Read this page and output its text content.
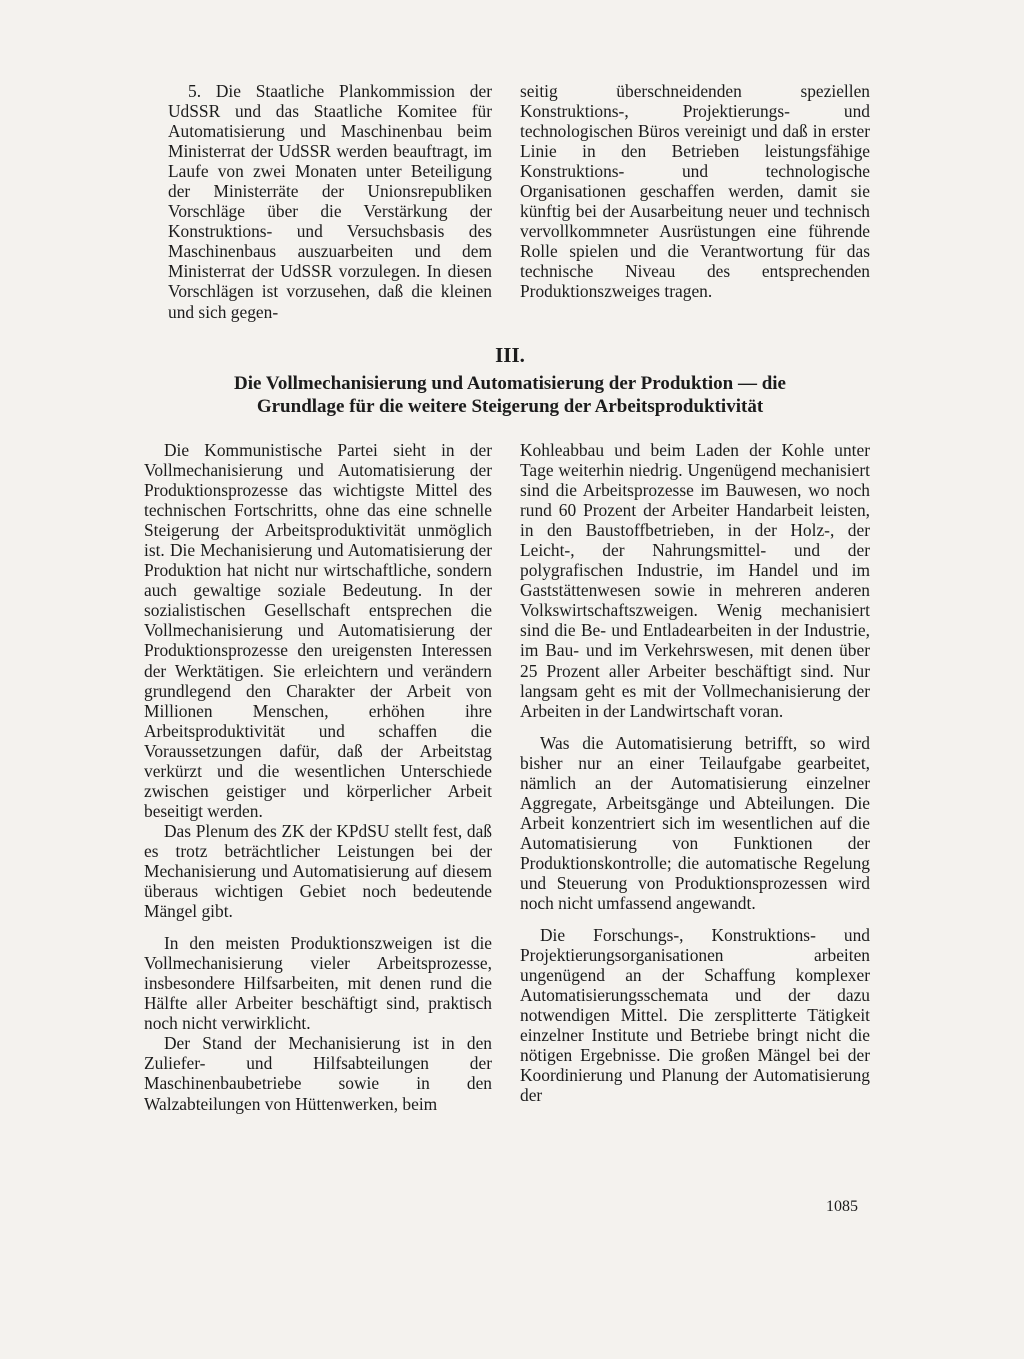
5. Die Staatliche Plankommission der UdSSR und das Staatliche Komitee für Automatisierung und Maschinenbau beim Ministerrat der UdSSR werden beauftragt, im Laufe von zwei Monaten unter Beteiligung der Ministerräte der Unionsrepubliken Vorschläge über die Verstärkung der Konstruktions- und Versuchsbasis des Maschinenbaus auszuarbeiten und dem Ministerrat der UdSSR vorzulegen. In diesen Vorschlägen ist vorzusehen, daß die kleinen und sich gegen-

seitig überschneidenden speziellen Konstruktions-, Projektierungs- und technologischen Büros vereinigt und daß in erster Linie in den Betrieben leistungsfähige Konstruktions- und technologische Organisationen geschaffen werden, damit sie künftig bei der Ausarbeitung neuer und technisch vervollkommneter Ausrüstungen eine führende Rolle spielen und die Verantwortung für das technische Niveau des entsprechenden Produktionszweiges tragen.

III.
Die Vollmechanisierung und Automatisierung der Produktion — die
Grundlage für die weitere Steigerung der Arbeitsproduktivität

Die Kommunistische Partei sieht in der Vollmechanisierung und Automatisierung der Produktionsprozesse das wichtigste Mittel des technischen Fortschritts, ohne das eine schnelle Steigerung der Arbeitsproduktivität unmöglich ist. Die Mechanisierung und Automatisierung der Produktion hat nicht nur wirtschaftliche, sondern auch gewaltige soziale Bedeutung. In der sozialistischen Gesellschaft entsprechen die Vollmechanisierung und Automatisierung der Produktionsprozesse den ureigensten Interessen der Werktätigen. Sie erleichtern und verändern grundlegend den Charakter der Arbeit von Millionen Menschen, erhöhen ihre Arbeitsproduktivität und schaffen die Voraussetzungen dafür, daß der Arbeitstag verkürzt und die wesentlichen Unterschiede zwischen geistiger und körperlicher Arbeit beseitigt werden.

Das Plenum des ZK der KPdSU stellt fest, daß es trotz beträchtlicher Leistungen bei der Mechanisierung und Automatisierung auf diesem überaus wichtigen Gebiet noch bedeutende Mängel gibt.

In den meisten Produktionszweigen ist die Vollmechanisierung vieler Arbeitsprozesse, insbesondere Hilfsarbeiten, mit denen rund die Hälfte aller Arbeiter beschäftigt sind, praktisch noch nicht verwirklicht.

Der Stand der Mechanisierung ist in den Zuliefer- und Hilfsabteilungen der Maschinenbaubetriebe sowie in den Walzabteilungen von Hüttenwerken, beim

Kohleabbau und beim Laden der Kohle unter Tage weiterhin niedrig. Ungenügend mechanisiert sind die Arbeitsprozesse im Bauwesen, wo noch rund 60 Prozent der Arbeiter Handarbeit leisten, in den Baustoffbetrieben, in der Holz-, der Leicht-, der Nahrungsmittel- und der polygrafischen Industrie, im Handel und im Gaststättenwesen sowie in mehreren anderen Volkswirtschaftszweigen. Wenig mechanisiert sind die Be- und Entladearbeiten in der Industrie, im Bau- und im Verkehrswesen, mit denen über 25 Prozent aller Arbeiter beschäftigt sind. Nur langsam geht es mit der Vollmechanisierung der Arbeiten in der Landwirtschaft voran.

Was die Automatisierung betrifft, so wird bisher nur an einer Teilaufgabe gearbeitet, nämlich an der Automatisierung einzelner Aggregate, Arbeitsgänge und Abteilungen. Die Arbeit konzentriert sich im wesentlichen auf die Automatisierung von Funktionen der Produktionskontrolle; die automatische Regelung und Steuerung von Produktionsprozessen wird noch nicht umfassend angewandt.

Die Forschungs-, Konstruktions- und Projektierungsorganisationen arbeiten ungenügend an der Schaffung komplexer Automatisierungsschemata und der dazu notwendigen Mittel. Die zersplitterte Tätigkeit einzelner Institute und Betriebe bringt nicht die nötigen Ergebnisse. Die großen Mängel bei der Koordinierung und Planung der Automatisierung der

1085
